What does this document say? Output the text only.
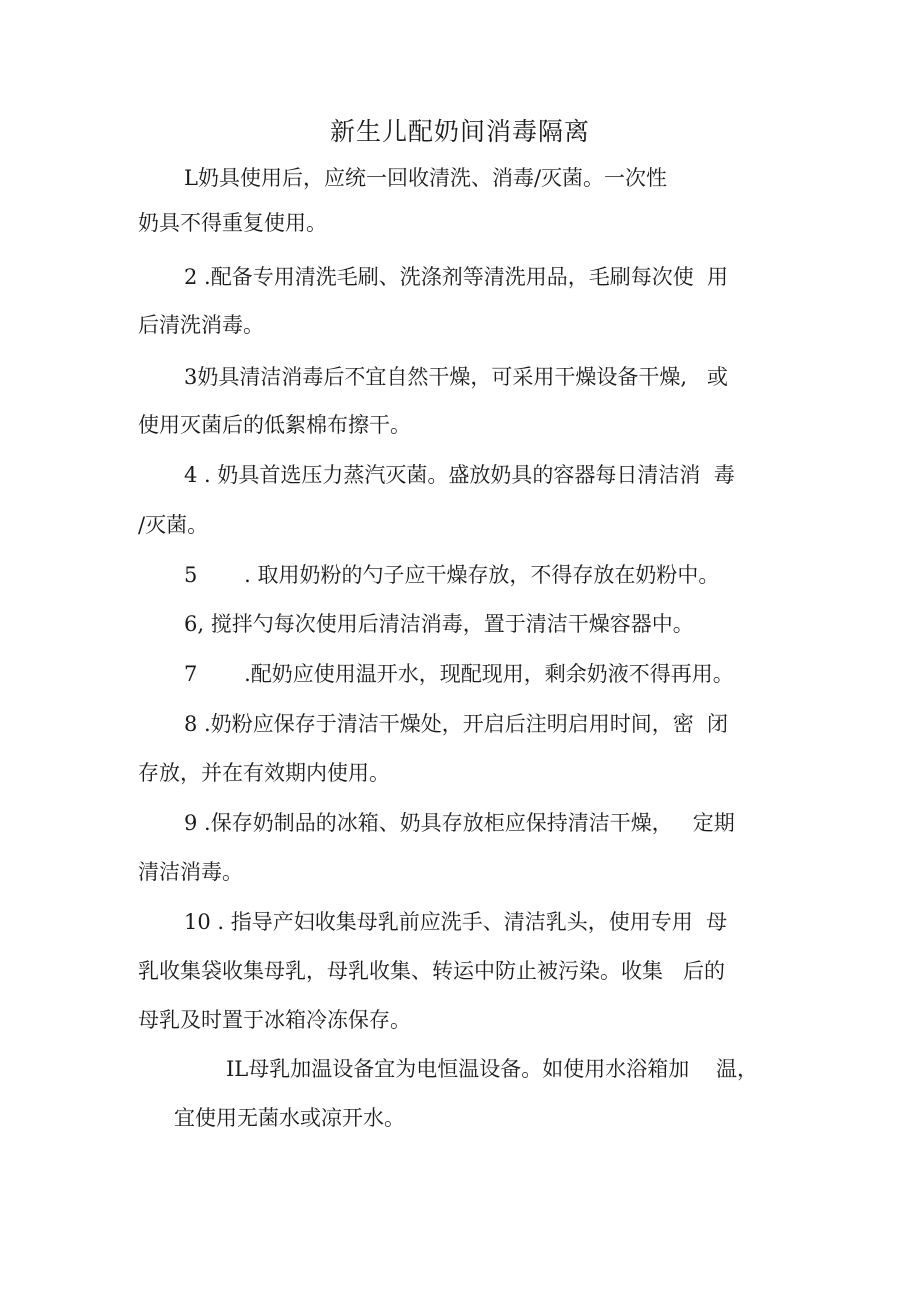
新生儿配奶间消毒隔离
L奶具使用后，应统一回收清洗、消毒/灭菌。一次性
奶具不得重复使用。
2 .配备专用清洗毛刷、洗涤剂等清洗用品，毛刷每次使  用
后清洗消毒。
3奶具清洁消毒后不宜自然干燥，可采用干燥设备干燥,   或
使用灭菌后的低絮棉布擦干。
4 . 奶具首选压力蒸汽灭菌。盛放奶具的容器每日清洁消  毒
/灭菌。
5       . 取用奶粉的勺子应干燥存放，不得存放在奶粉中。
6, 搅拌勺每次使用后清洁消毒，置于清洁干燥容器中。
7       .配奶应使用温开水，现配现用，剩余奶液不得再用。
8 .奶粉应保存于清洁干燥处，开启后注明启用时间，密  闭
存放，并在有效期内使用。
9 .保存奶制品的冰箱、奶具存放柜应保持清洁干燥，   定期
清洁消毒。
10 . 指导产妇收集母乳前应洗手、清洁乳头，使用专用  母
乳收集袋收集母乳，母乳收集、转运中防止被污染。收集   后的
母乳及时置于冰箱冷冻保存。
IL母乳加温设备宜为电恒温设备。如使用水浴箱加    温，
宜使用无菌水或凉开水。
